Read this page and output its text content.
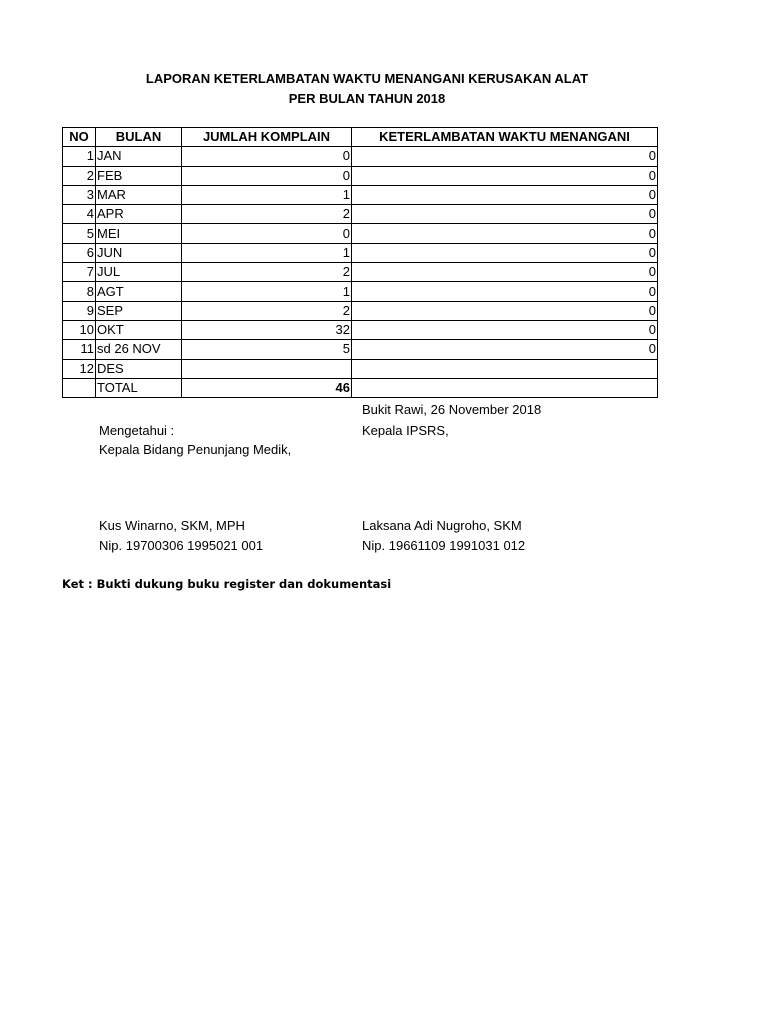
LAPORAN KETERLAMBATAN WAKTU MENANGANI KERUSAKAN ALAT
PER BULAN TAHUN 2018
NO	BULAN	JUMLAH KOMPLAIN	KETERLAMBATAN WAKTU MENANGANI
1	JAN	0	0
2	FEB	0	0
3	MAR	1	0
4	APR	2	0
5	MEI	0	0
6	JUN	1	0
7	JUL	2	0
8	AGT	1	0
9	SEP	2	0
10	OKT	32	0
11	sd 26 NOV	5	0
12	DES		
	TOTAL	46	
Bukit Rawi, 26 November 2018
Mengetahui :	Kepala IPSRS,
Kepala Bidang Penunjang Medik,
Kus Winarno, SKM, MPH	Laksana Adi Nugroho, SKM
Nip. 19700306 1995021 001	Nip. 19661109 1991031 012
Ket : Bukti dukung buku register dan dokumentasi
